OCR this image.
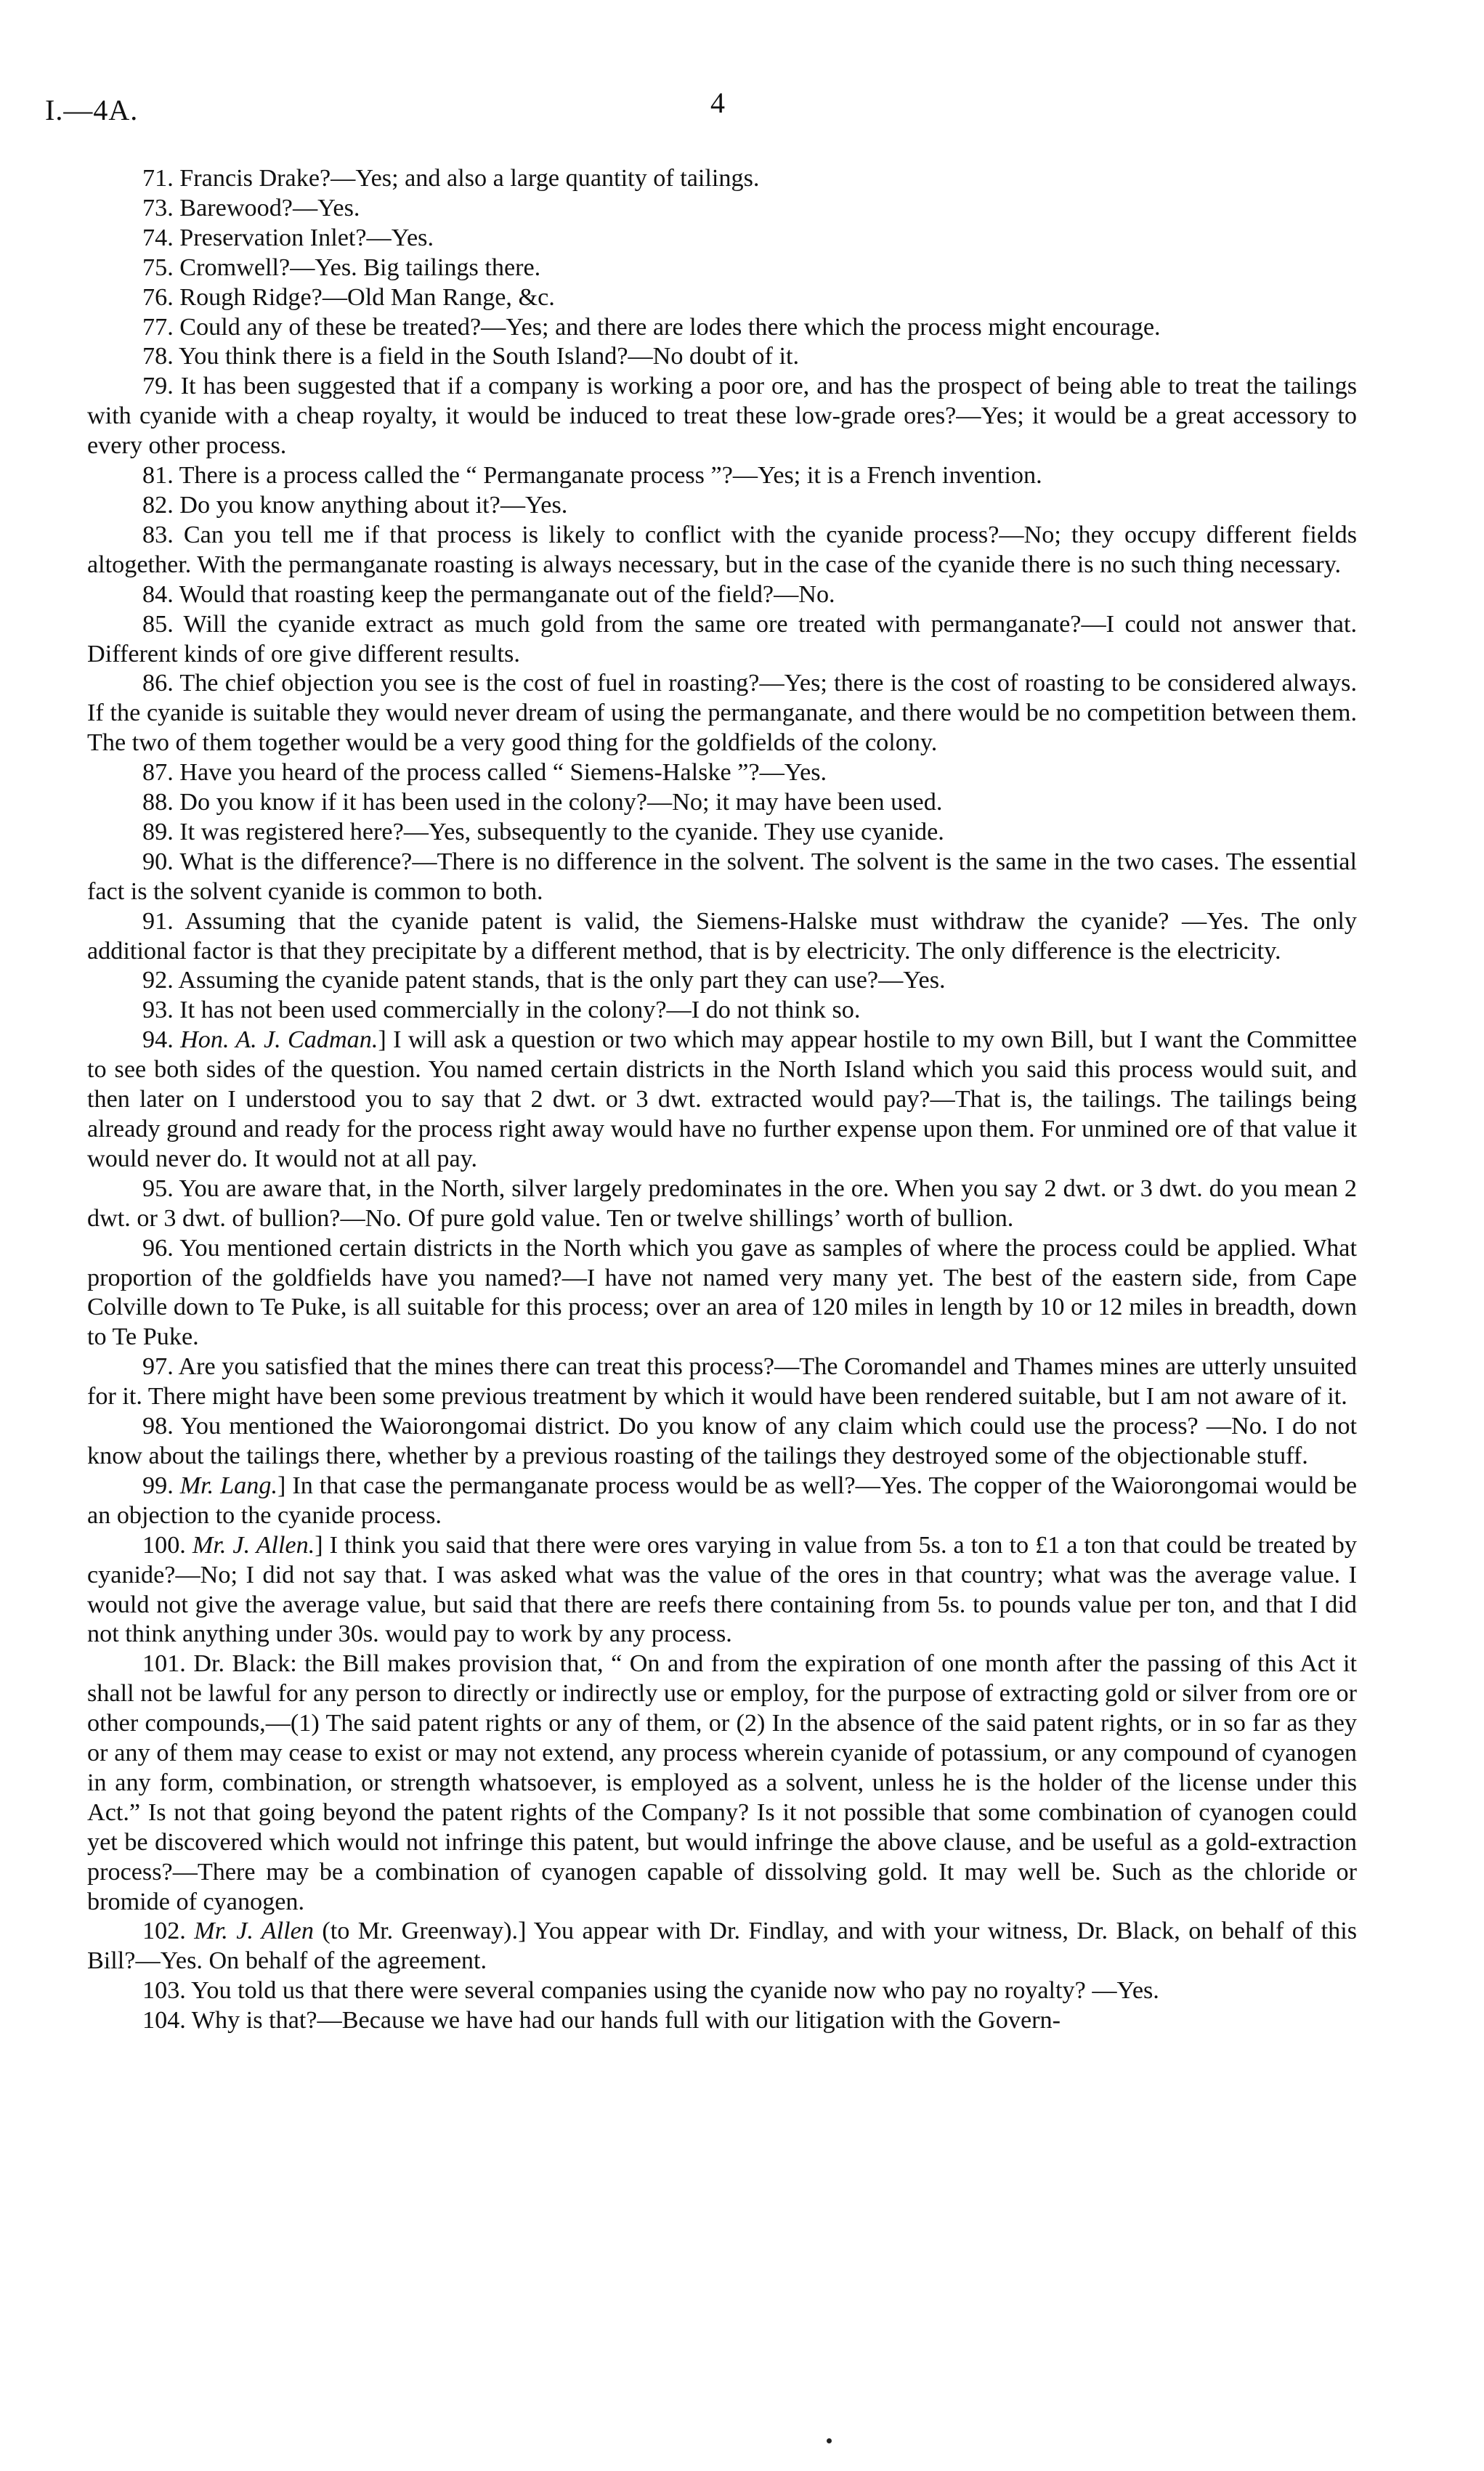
I.—4A.	4

71. Francis Drake?—Yes; and also a large quantity of tailings.

73. Barewood?—Yes.

74. Preservation Inlet?—Yes.

75. Cromwell?—Yes. Big tailings there.

76. Rough Ridge?—Old Man Range, &c.

77. Could any of these be treated?—Yes; and there are lodes there which the process might encourage.

78. You think there is a field in the South Island?—No doubt of it.

79. It has been suggested that if a company is working a poor ore, and has the prospect of being able to treat the tailings with cyanide with a cheap royalty, it would be induced to treat these low-grade ores?—Yes; it would be a great accessory to every other process.

81. There is a process called the “ Permanganate process ”?—Yes; it is a French invention.

82. Do you know anything about it?—Yes.

83. Can you tell me if that process is likely to conflict with the cyanide process?—No; they occupy different fields altogether. With the permanganate roasting is always necessary, but in the case of the cyanide there is no such thing necessary.

84. Would that roasting keep the permanganate out of the field?—No.

85. Will the cyanide extract as much gold from the same ore treated with permanganate?—I could not answer that. Different kinds of ore give different results.

86. The chief objection you see is the cost of fuel in roasting?—Yes; there is the cost of roasting to be considered always. If the cyanide is suitable they would never dream of using the permanganate, and there would be no competition between them. The two of them together would be a very good thing for the goldfields of the colony.

87. Have you heard of the process called “ Siemens-Halske ”?—Yes.

88. Do you know if it has been used in the colony?—No; it may have been used.

89. It was registered here?—Yes, subsequently to the cyanide. They use cyanide.

90. What is the difference?—There is no difference in the solvent. The solvent is the same in the two cases. The essential fact is the solvent cyanide is common to both.

91. Assuming that the cyanide patent is valid, the Siemens-Halske must withdraw the cyanide? —Yes. The only additional factor is that they precipitate by a different method, that is by electricity. The only difference is the electricity.

92. Assuming the cyanide patent stands, that is the only part they can use?—Yes.

93. It has not been used commercially in the colony?—I do not think so.

94. Hon. A. J. Cadman.] I will ask a question or two which may appear hostile to my own Bill, but I want the Committee to see both sides of the question. You named certain districts in the North Island which you said this process would suit, and then later on I understood you to say that 2 dwt. or 3 dwt. extracted would pay?—That is, the tailings. The tailings being already ground and ready for the process right away would have no further expense upon them. For unmined ore of that value it would never do. It would not at all pay.

95. You are aware that, in the North, silver largely predominates in the ore. When you say 2 dwt. or 3 dwt. do you mean 2 dwt. or 3 dwt. of bullion?—No. Of pure gold value. Ten or twelve shillings’ worth of bullion.

96. You mentioned certain districts in the North which you gave as samples of where the process could be applied. What proportion of the goldfields have you named?—I have not named very many yet. The best of the eastern side, from Cape Colville down to Te Puke, is all suitable for this process; over an area of 120 miles in length by 10 or 12 miles in breadth, down to Te Puke.

97. Are you satisfied that the mines there can treat this process?—The Coromandel and Thames mines are utterly unsuited for it. There might have been some previous treatment by which it would have been rendered suitable, but I am not aware of it.

98. You mentioned the Waiorongomai district. Do you know of any claim which could use the process? —No. I do not know about the tailings there, whether by a previous roasting of the tailings they destroyed some of the objectionable stuff.

99. Mr. Lang.] In that case the permanganate process would be as well?—Yes. The copper of the Waiorongomai would be an objection to the cyanide process.

100. Mr. J. Allen.] I think you said that there were ores varying in value from 5s. a ton to £1 a ton that could be treated by cyanide?—No; I did not say that. I was asked what was the value of the ores in that country; what was the average value. I would not give the average value, but said that there are reefs there containing from 5s. to pounds value per ton, and that I did not think anything under 30s. would pay to work by any process.

101. Dr. Black: the Bill makes provision that, “ On and from the expiration of one month after the passing of this Act it shall not be lawful for any person to directly or indirectly use or employ, for the purpose of extracting gold or silver from ore or other compounds,—(1) The said patent rights or any of them, or (2) In the absence of the said patent rights, or in so far as they or any of them may cease to exist or may not extend, any process wherein cyanide of potassium, or any compound of cyanogen in any form, combination, or strength whatsoever, is employed as a solvent, unless he is the holder of the license under this Act.” Is not that going beyond the patent rights of the Company? Is it not possible that some combination of cyanogen could yet be discovered which would not infringe this patent, but would infringe the above clause, and be useful as a gold-extraction process?—There may be a combination of cyanogen capable of dissolving gold. It may well be. Such as the chloride or bromide of cyanogen.

102. Mr. J. Allen (to Mr. Greenway).] You appear with Dr. Findlay, and with your witness, Dr. Black, on behalf of this Bill?—Yes. On behalf of the agreement.

103. You told us that there were several companies using the cyanide now who pay no royalty? —Yes.

104. Why is that?—Because we have had our hands full with our litigation with the Govern-
